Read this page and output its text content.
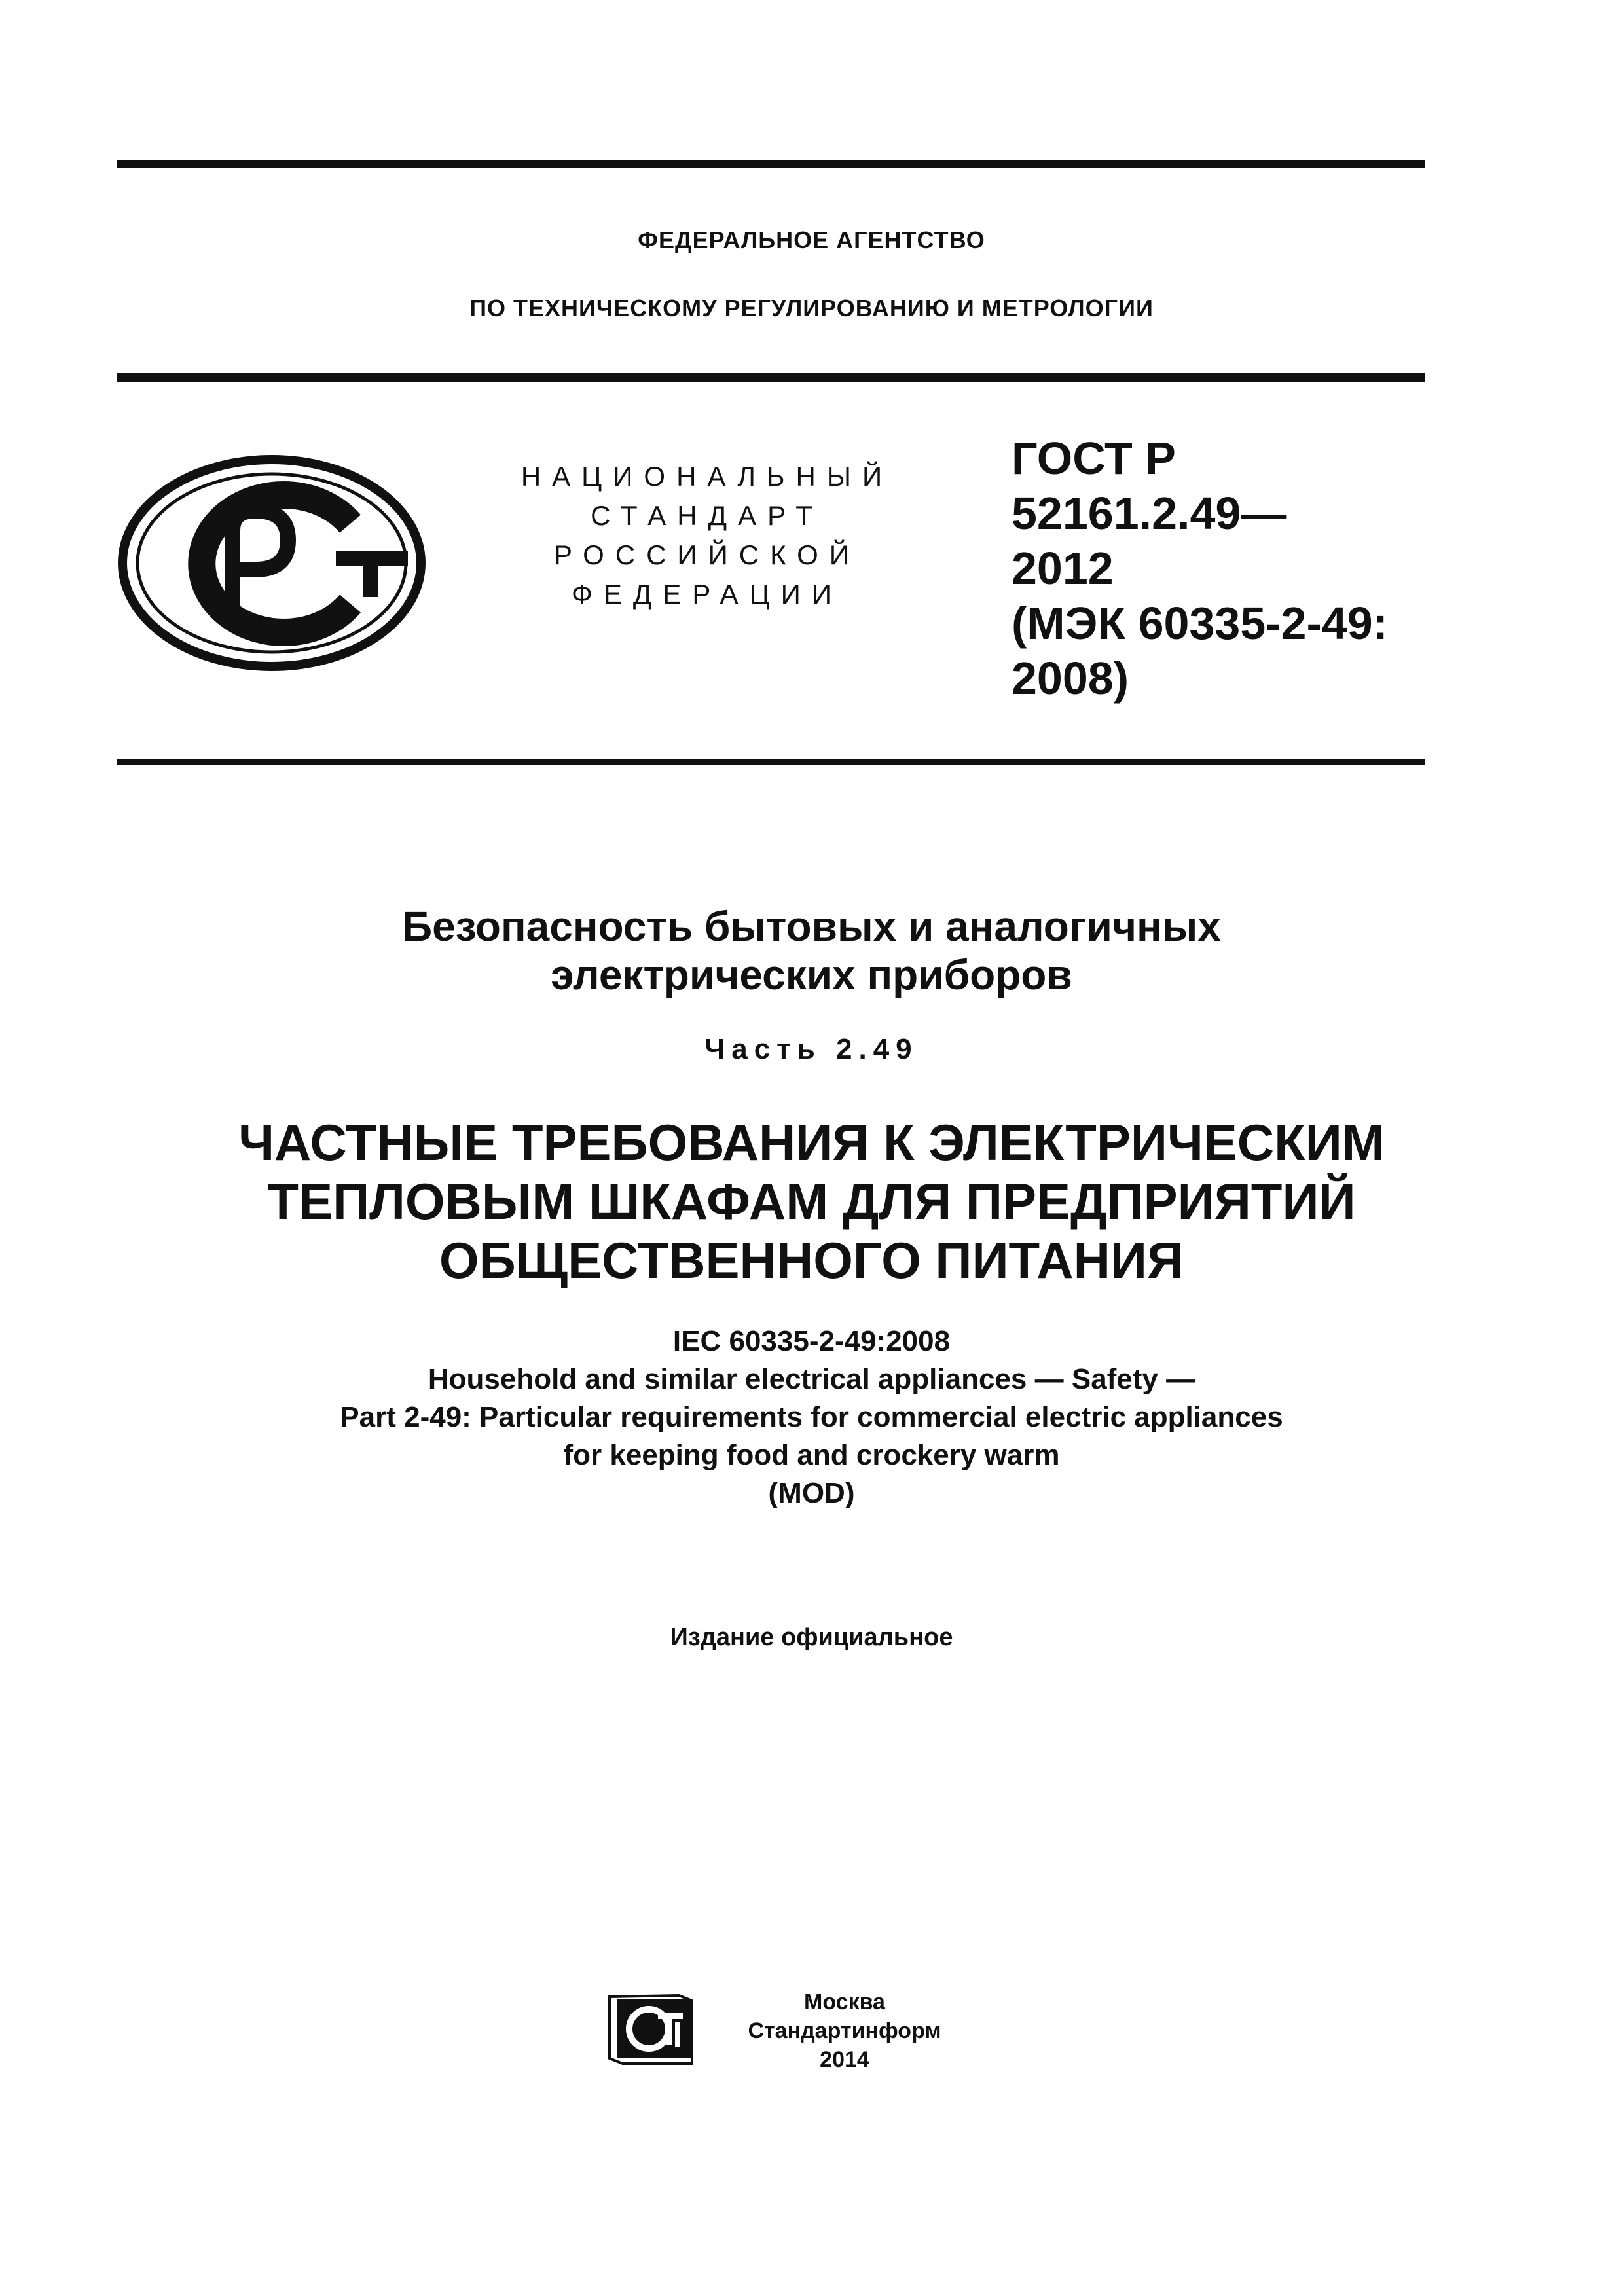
ФЕДЕРАЛЬНОЕ АГЕНТСТВО
ПО ТЕХНИЧЕСКОМУ РЕГУЛИРОВАНИЮ И МЕТРОЛОГИИ
НАЦИОНАЛЬНЫЙ
СТАНДАРТ
РОССИЙСКОЙ
ФЕДЕРАЦИИ
ГОСТ Р
52161.2.49—
2012
(МЭК 60335-2-49:
2008)
Безопасность бытовых и аналогичных
электрических приборов
Часть 2.49
ЧАСТНЫЕ ТРЕБОВАНИЯ К ЭЛЕКТРИЧЕСКИМ
ТЕПЛОВЫМ ШКАФАМ ДЛЯ ПРЕДПРИЯТИЙ
ОБЩЕСТВЕННОГО ПИТАНИЯ
IEC 60335-2-49:2008
Household and similar electrical appliances — Safety —
Part 2-49: Particular requirements for commercial electric appliances
for keeping food and crockery warm
(MOD)
Издание официальное
Москва
Стандартинформ
2014
